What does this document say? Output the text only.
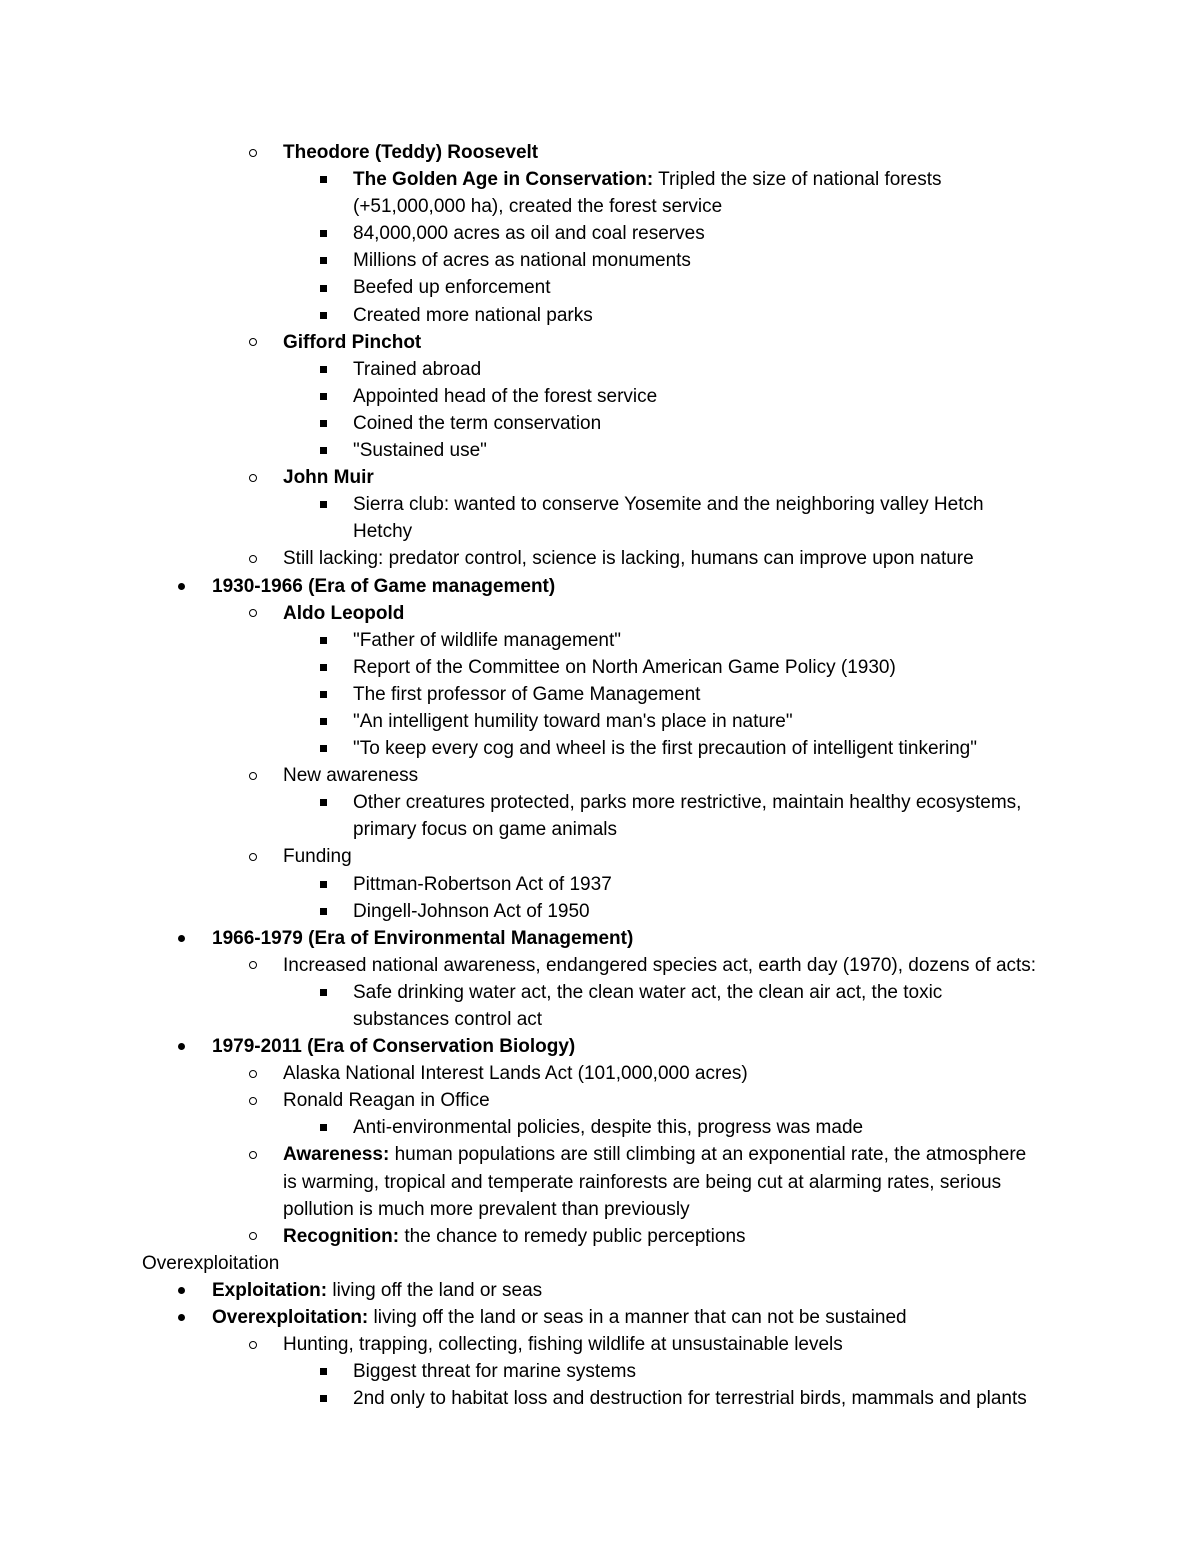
Theodore (Teddy) Roosevelt
The Golden Age in Conservation: Tripled the size of national forests
(+51,000,000 ha), created the forest service
84,000,000 acres as oil and coal reserves
Millions of acres as national monuments
Beefed up enforcement
Created more national parks
Gifford Pinchot
Trained abroad
Appointed head of the forest service
Coined the term conservation
"Sustained use"
John Muir
Sierra club: wanted to conserve Yosemite and the neighboring valley Hetch
Hetchy
Still lacking: predator control, science is lacking, humans can improve upon nature
1930-1966 (Era of Game management)
Aldo Leopold
"Father of wildlife management"
Report of the Committee on North American Game Policy (1930)
The first professor of Game Management
"An intelligent humility toward man's place in nature"
"To keep every cog and wheel is the first precaution of intelligent tinkering"
New awareness
Other creatures protected, parks more restrictive, maintain healthy ecosystems,
primary focus on game animals
Funding
Pittman-Robertson Act of 1937
Dingell-Johnson Act of 1950
1966-1979 (Era of Environmental Management)
Increased national awareness, endangered species act, earth day (1970), dozens of acts:
Safe drinking water act, the clean water act, the clean air act, the toxic
substances control act
1979-2011 (Era of Conservation Biology)
Alaska National Interest Lands Act (101,000,000 acres)
Ronald Reagan in Office
Anti-environmental policies, despite this, progress was made
Awareness: human populations are still climbing at an exponential rate, the atmosphere
is warming, tropical and temperate rainforests are being cut at alarming rates, serious
pollution is much more prevalent than previously
Recognition: the chance to remedy public perceptions
Overexploitation
Exploitation: living off the land or seas
Overexploitation: living off the land or seas in a manner that can not be sustained
Hunting, trapping, collecting, fishing wildlife at unsustainable levels
Biggest threat for marine systems
2nd only to habitat loss and destruction for terrestrial birds, mammals and plants
